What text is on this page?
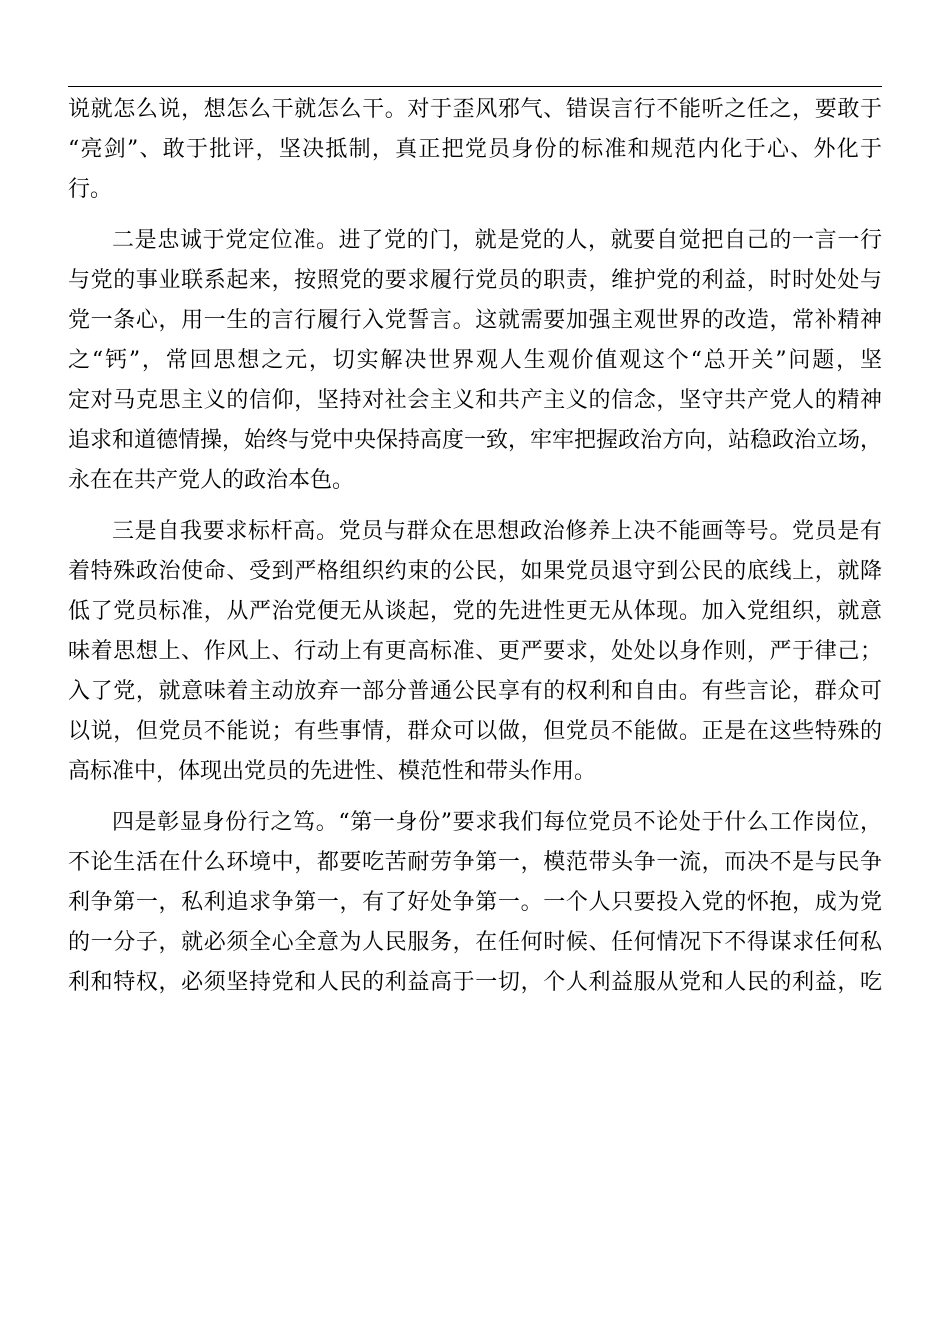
说就怎么说，想怎么干就怎么干。对于歪风邪气、错误言行不能听之任之，要敢于
“亮剑”、敢于批评，坚决抵制，真正把党员身份的标准和规范内化于心、外化于
行。
二是忠诚于党定位准。进了党的门，就是党的人，就要自觉把自己的一言一行
与党的事业联系起来，按照党的要求履行党员的职责，维护党的利益，时时处处与
党一条心，用一生的言行履行入党誓言。这就需要加强主观世界的改造，常补精神
之“钙”，常回思想之元，切实解决世界观人生观价值观这个“总开关”问题，坚
定对马克思主义的信仰，坚持对社会主义和共产主义的信念，坚守共产党人的精神
追求和道德情操，始终与党中央保持高度一致，牢牢把握政治方向，站稳政治立场，
永在在共产党人的政治本色。
三是自我要求标杆高。党员与群众在思想政治修养上决不能画等号。党员是有
着特殊政治使命、受到严格组织约束的公民，如果党员退守到公民的底线上，就降
低了党员标准，从严治党便无从谈起，党的先进性更无从体现。加入党组织，就意
味着思想上、作风上、行动上有更高标准、更严要求，处处以身作则，严于律己；
入了党，就意味着主动放弃一部分普通公民享有的权利和自由。有些言论，群众可
以说，但党员不能说；有些事情，群众可以做，但党员不能做。正是在这些特殊的
高标准中，体现出党员的先进性、模范性和带头作用。
四是彰显身份行之笃。“第一身份”要求我们每位党员不论处于什么工作岗位，
不论生活在什么环境中，都要吃苦耐劳争第一，模范带头争一流，而决不是与民争
利争第一，私利追求争第一，有了好处争第一。一个人只要投入党的怀抱，成为党
的一分子，就必须全心全意为人民服务，在任何时候、任何情况下不得谋求任何私
利和特权，必须坚持党和人民的利益高于一切，个人利益服从党和人民的利益，吃
